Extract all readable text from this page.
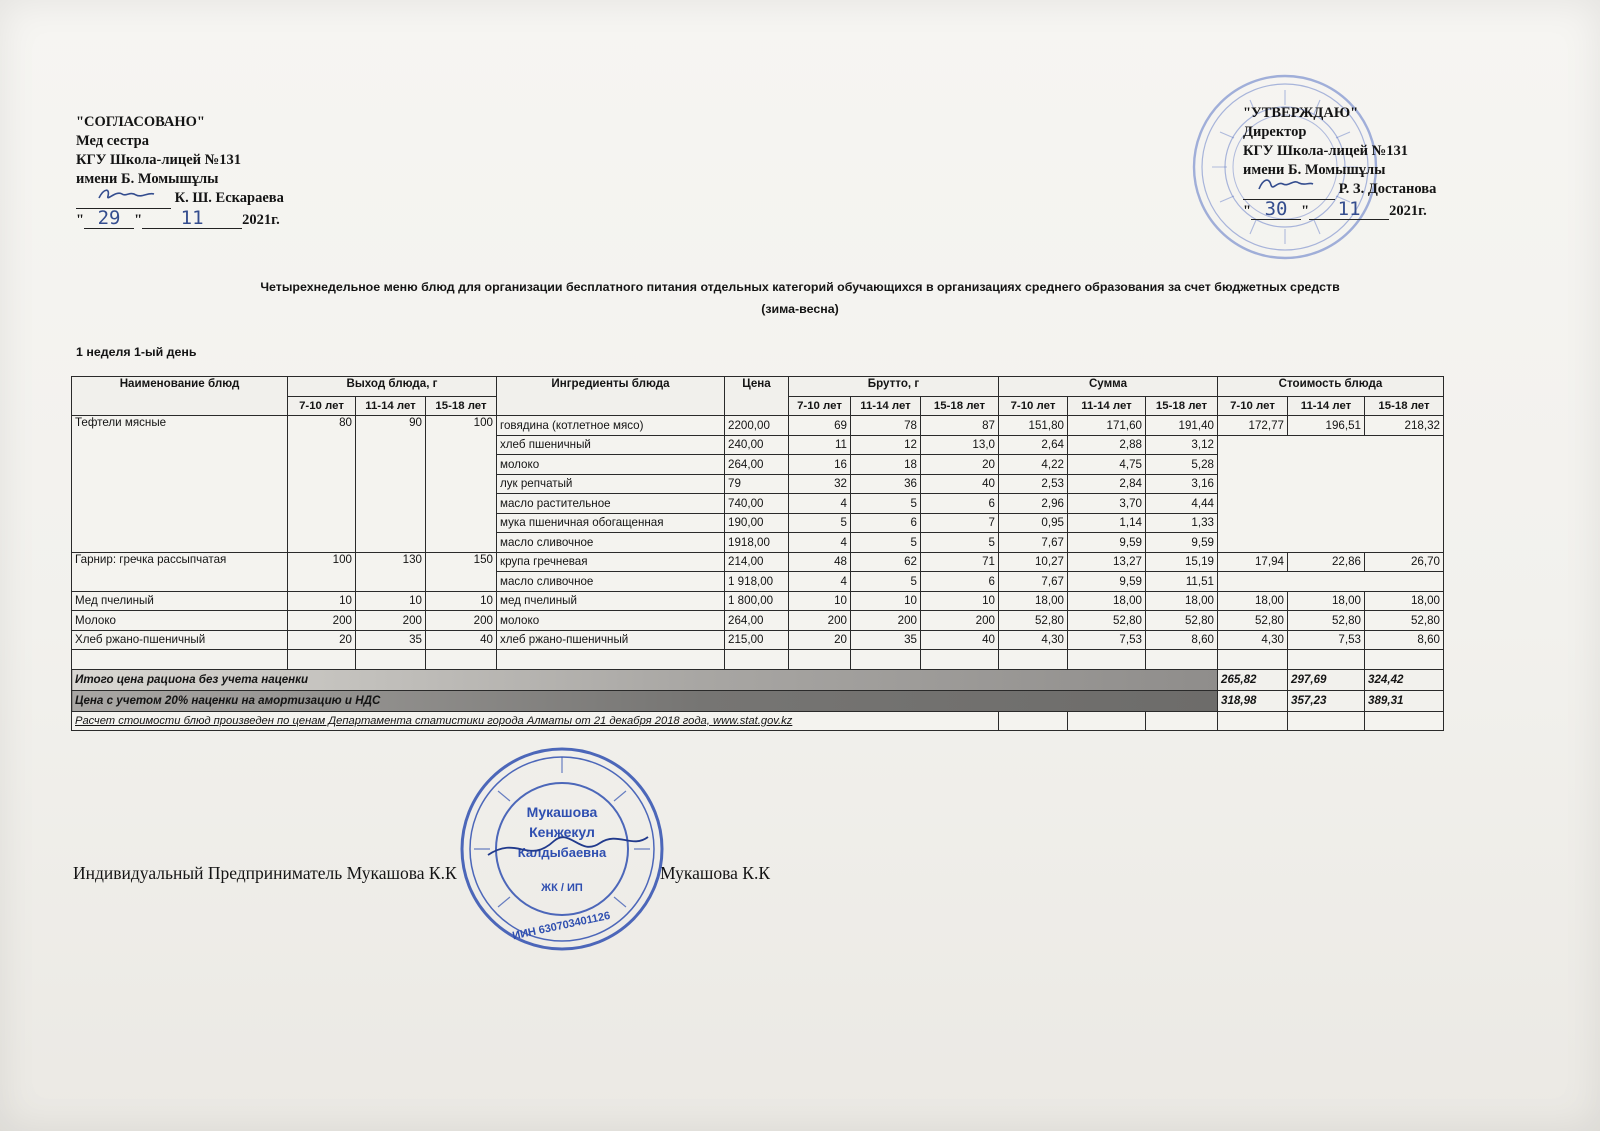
"СОГЛАСОВАНО"
Мед сестра
КГУ Школа-лицей №131
имени Б. Момышұлы
К. Ш. Ескараева
" 29 " 11	2021г.
"УТВЕРЖДАЮ"
Директор
КГУ Школа-лицей №131
имени Б. Момышұлы
Р. З. Достанова
" 30 " 11 2021г.
Четырехнедельное меню блюд для организации бесплатного питания отдельных категорий обучающихся в организациях среднего образования за счет бюджетных средств
(зима-весна)
1 неделя 1-ый день
Наименование блюд	Выход блюда, г			Ингредиенты блюда	Цена	Брутто, г			Сумма			Стоимость блюда		
	7-10 лет	11-14 лет	15-18 лет			7-10 лет	11-14 лет	15-18 лет	7-10 лет	11-14 лет	15-18 лет	7-10 лет	11-14 лет	15-18 лет
Тефтели мясные	80	90	100	говядина (котлетное мясо)	2200,00	69	78	87	151,80	171,60	191,40	172,77	196,51	218,32
				хлеб пшеничный	240,00	11	12	13,0	2,64	2,88	3,12			
				молоко	264,00	16	18	20	4,22	4,75	5,28			
				лук репчатый	79	32	36	40	2,53	2,84	3,16			
				масло растительное	740,00	4	5	6	2,96	3,70	4,44			
				мука пшеничная обогащенная	190,00	5	6	7	0,95	1,14	1,33			
				масло сливочное	1918,00	4	5	5	7,67	9,59	9,59			
Гарнир: гречка рассыпчатая	100	130	150	крупа гречневая	214,00	48	62	71	10,27	13,27	15,19	17,94	22,86	26,70
				масло сливочное	1 918,00	4	5	6	7,67	9,59	11,51			
Мед пчелиный	10	10	10	мед пчелиный	1 800,00	10	10	10	18,00	18,00	18,00	18,00	18,00	18,00
Молоко	200	200	200	молоко	264,00	200	200	200	52,80	52,80	52,80	52,80	52,80	52,80
Хлеб ржано-пшеничный	20	35	40	хлеб ржано-пшеничный	215,00	20	35	40	4,30	7,53	8,60	4,30	7,53	8,60

Итого цена рациона без учета наценки												265,82	297,69	324,42
Цена с учетом 20% наценки на амортизацию и НДС												318,98	357,23	389,31
Расчет стоимости блюд произведен по ценам Департамента статистики города Алматы от 21 декабря 2018 года, www.stat.gov.kz														
Индивидуальный Предприниматель Мукашова К.К	Мукашова К.К
Мукашова
Кенжекул
Калдыбаевна
ЖК / ИП
ИИН 630703401126
